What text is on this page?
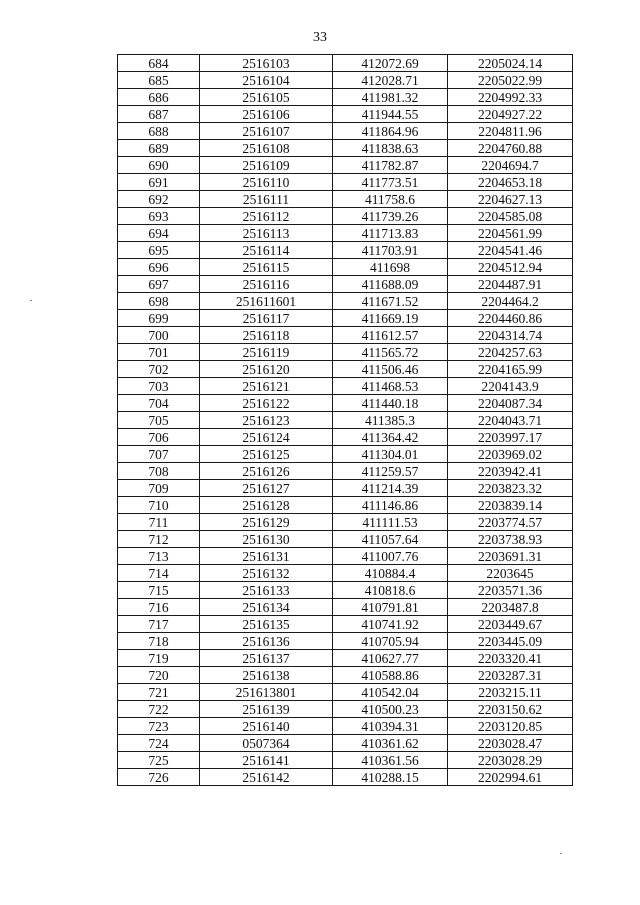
33
684	2516103	412072.69	2205024.14
685	2516104	412028.71	2205022.99
686	2516105	411981.32	2204992.33
687	2516106	411944.55	2204927.22
688	2516107	411864.96	2204811.96
689	2516108	411838.63	2204760.88
690	2516109	411782.87	2204694.7
691	2516110	411773.51	2204653.18
692	2516111	411758.6	2204627.13
693	2516112	411739.26	2204585.08
694	2516113	411713.83	2204561.99
695	2516114	411703.91	2204541.46
696	2516115	411698	2204512.94
697	2516116	411688.09	2204487.91
698	251611601	411671.52	2204464.2
699	2516117	411669.19	2204460.86
700	2516118	411612.57	2204314.74
701	2516119	411565.72	2204257.63
702	2516120	411506.46	2204165.99
703	2516121	411468.53	2204143.9
704	2516122	411440.18	2204087.34
705	2516123	411385.3	2204043.71
706	2516124	411364.42	2203997.17
707	2516125	411304.01	2203969.02
708	2516126	411259.57	2203942.41
709	2516127	411214.39	2203823.32
710	2516128	411146.86	2203839.14
711	2516129	411111.53	2203774.57
712	2516130	411057.64	2203738.93
713	2516131	411007.76	2203691.31
714	2516132	410884.4	2203645
715	2516133	410818.6	2203571.36
716	2516134	410791.81	2203487.8
717	2516135	410741.92	2203449.67
718	2516136	410705.94	2203445.09
719	2516137	410627.77	2203320.41
720	2516138	410588.86	2203287.31
721	251613801	410542.04	2203215.11
722	2516139	410500.23	2203150.62
723	2516140	410394.31	2203120.85
724	0507364	410361.62	2203028.47
725	2516141	410361.56	2203028.29
726	2516142	410288.15	2202994.61
